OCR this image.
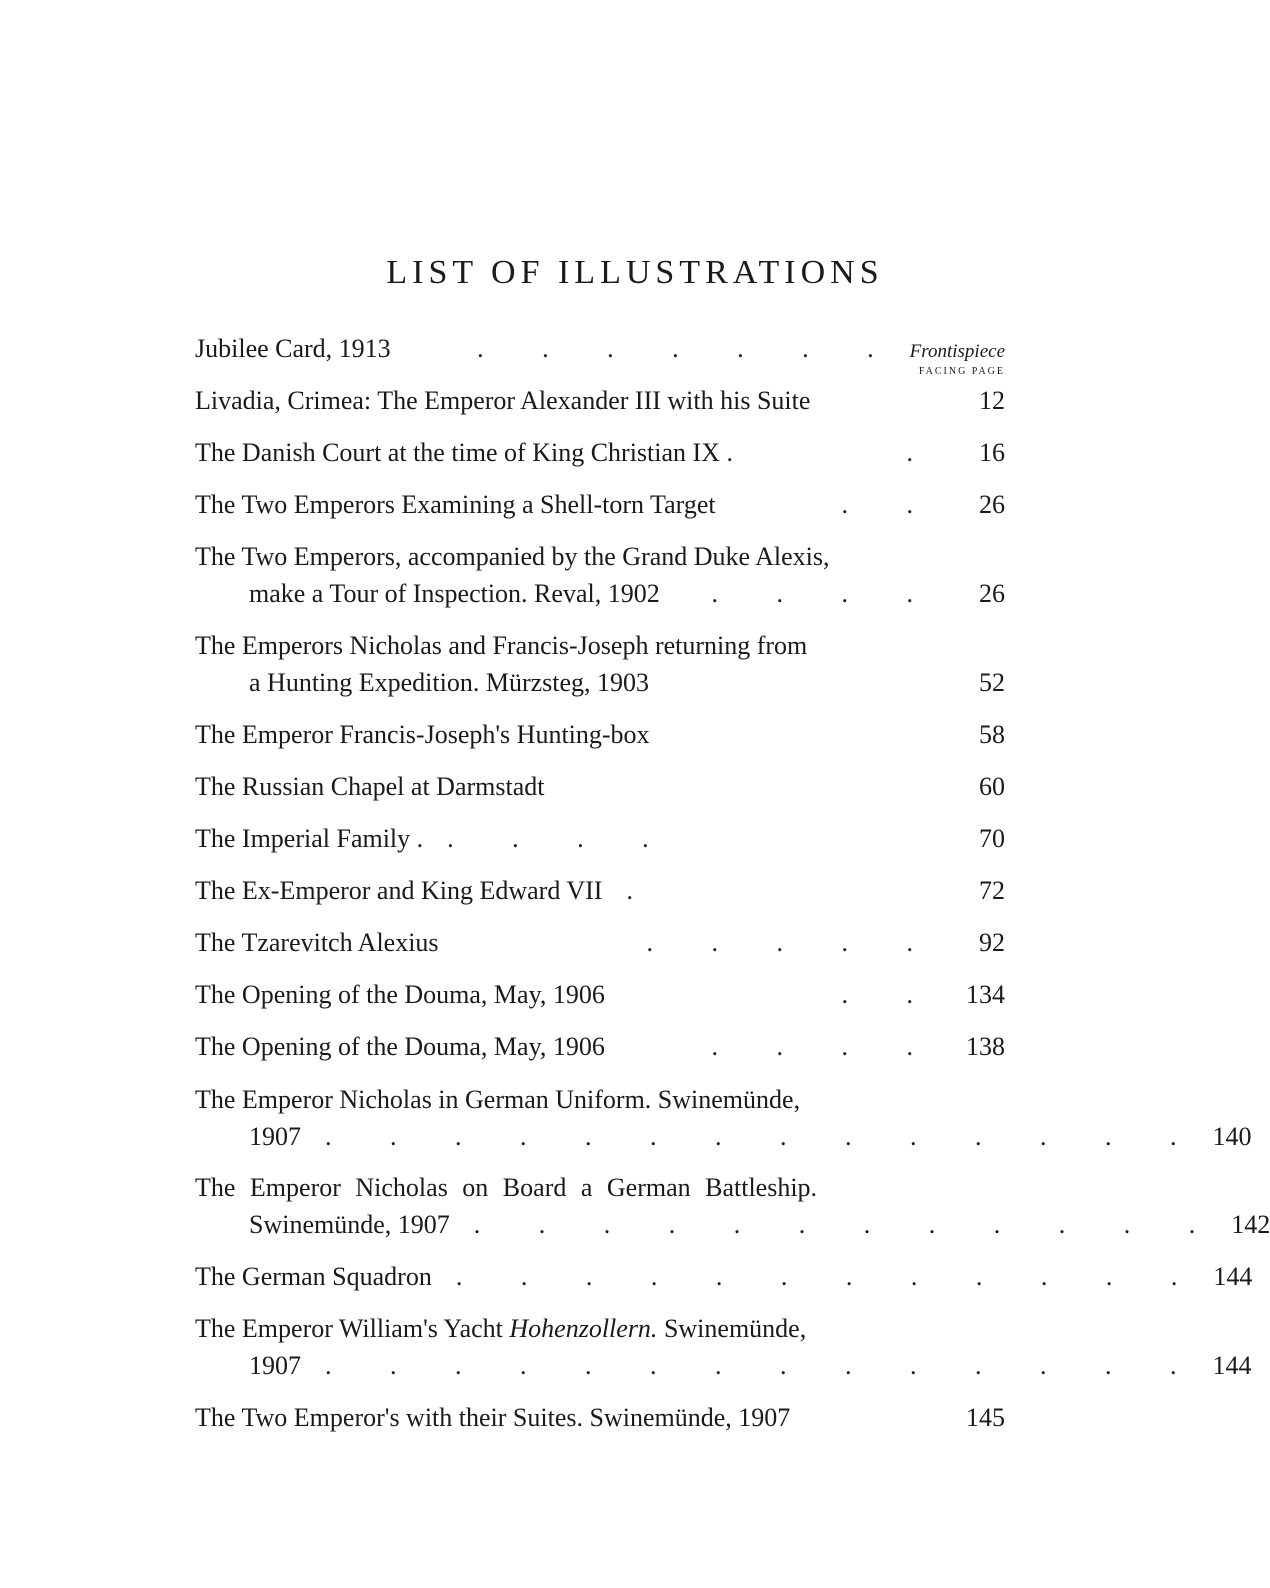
LIST OF ILLUSTRATIONS
FACING PAGE
Jubilee Card, 1913	. . . . . . . Frontispiece
Livadia, Crimea: The Emperor Alexander III with his Suite	12
The Danish Court at the time of King Christian IX .	.	16
The Two Emperors Examining a Shell-torn Target	. .	26
The Two Emperors, accompanied by the Grand Duke Alexis,
make a Tour of Inspection. Reval, 1902	. . . .	26
The Emperors Nicholas and Francis-Joseph returning from
a Hunting Expedition. Mürzsteg, 1903	52
The Emperor Francis-Joseph's Hunting-box	58
The Russian Chapel at Darmstadt	60
The Imperial Family . . . . .	70
The Ex-Emperor and King Edward VII .	72
The Tzarevitch Alexius	. . . . .	92
The Opening of the Douma, May, 1906	. .	134
The Opening of the Douma, May, 1906	. . . .	138
The Emperor Nicholas in German Uniform. Swinemünde,
1907 . . . . . . . . . . . . . . 140
The Emperor Nicholas on Board a German Battleship.
Swinemünde, 1907 . . . . . . . . . . . . 142
The German Squadron . . . . . . . . . . . . 144
The Emperor William's Yacht Hohenzollern. Swinemünde,
1907 . . . . . . . . . . . . . . 144
The Two Emperor's with their Suites. Swinemünde, 1907	145
